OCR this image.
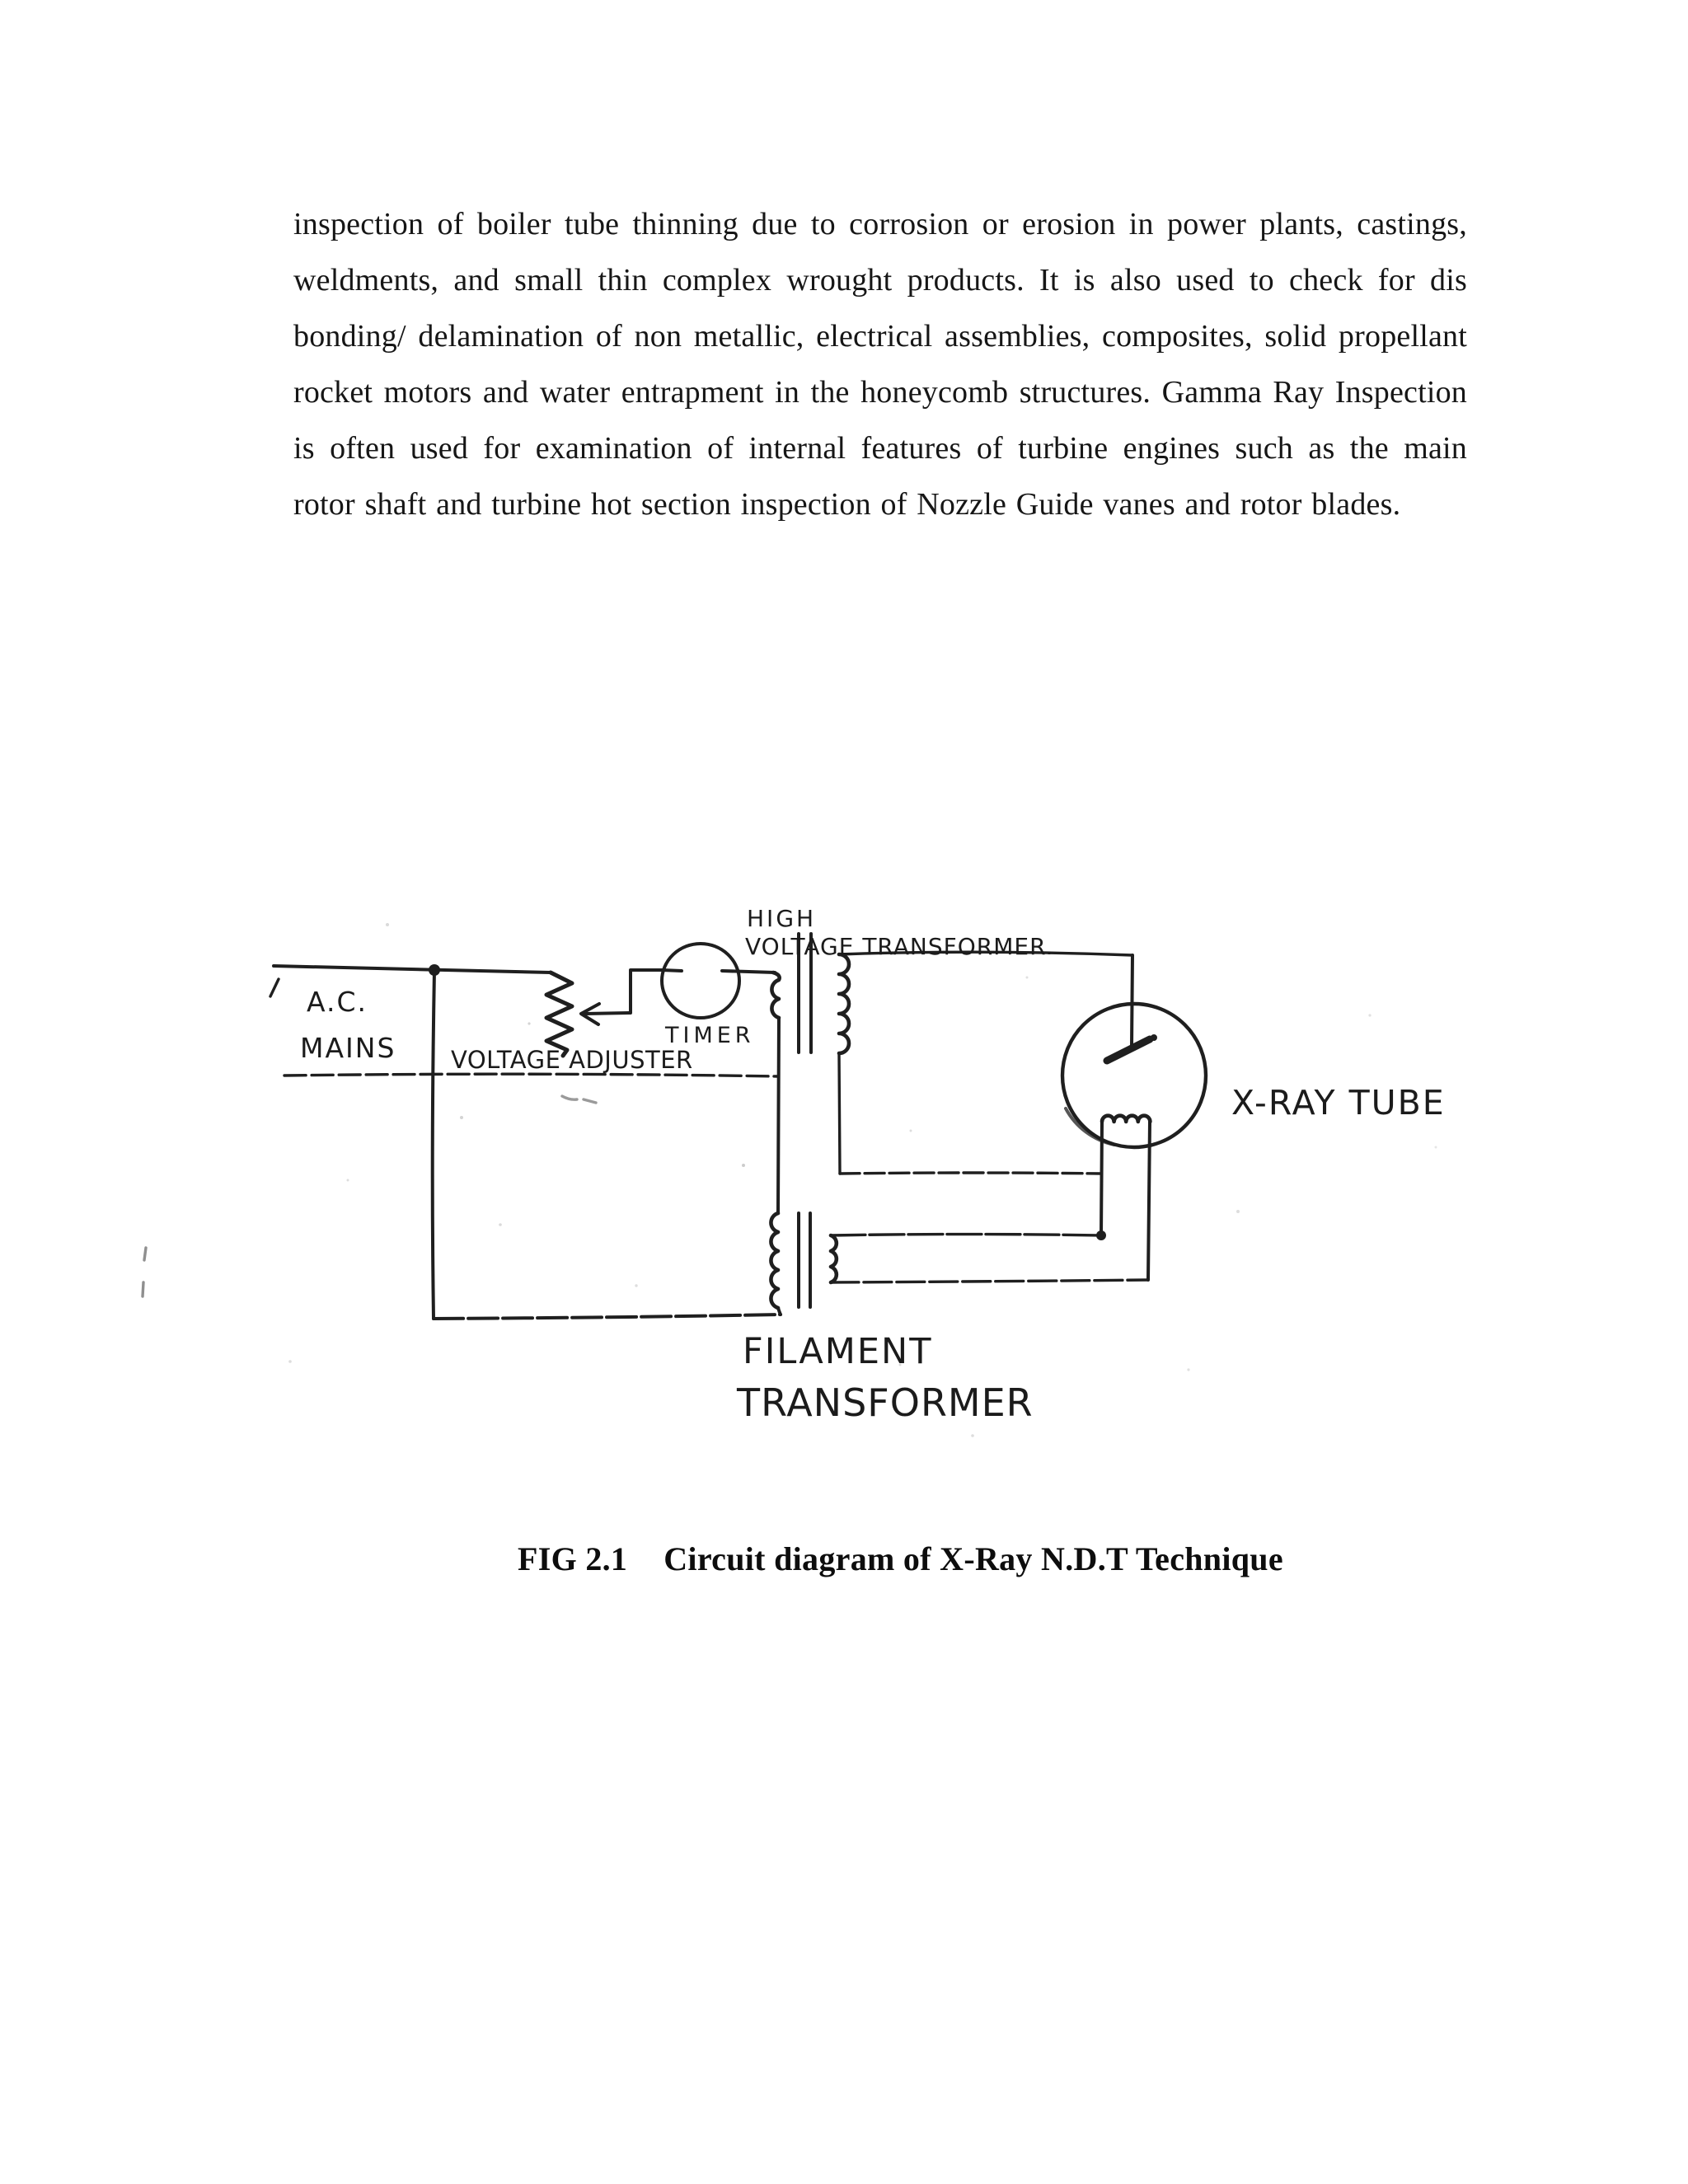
inspection of boiler tube thinning due to corrosion or erosion in power plants, castings,
weldments, and small thin complex wrought products. It is also used to check for dis
bonding/ delamination of non metallic, electrical assemblies, composites, solid propellant
rocket motors and water entrapment in the honeycomb structures. Gamma Ray Inspection
is often used for examination of internal features of turbine engines such as the main
rotor shaft and turbine hot section inspection of Nozzle Guide vanes and rotor blades.
A.C.
MAINS VOLTAGE ADJUSTER
TIMER
HIGH
VOLTAGE TRANSFORMER.
X-RAY TUBE
FILAMENT
TRANSFORMER
FIG 2.1 Circuit diagram of X-Ray N.D.T Technique
